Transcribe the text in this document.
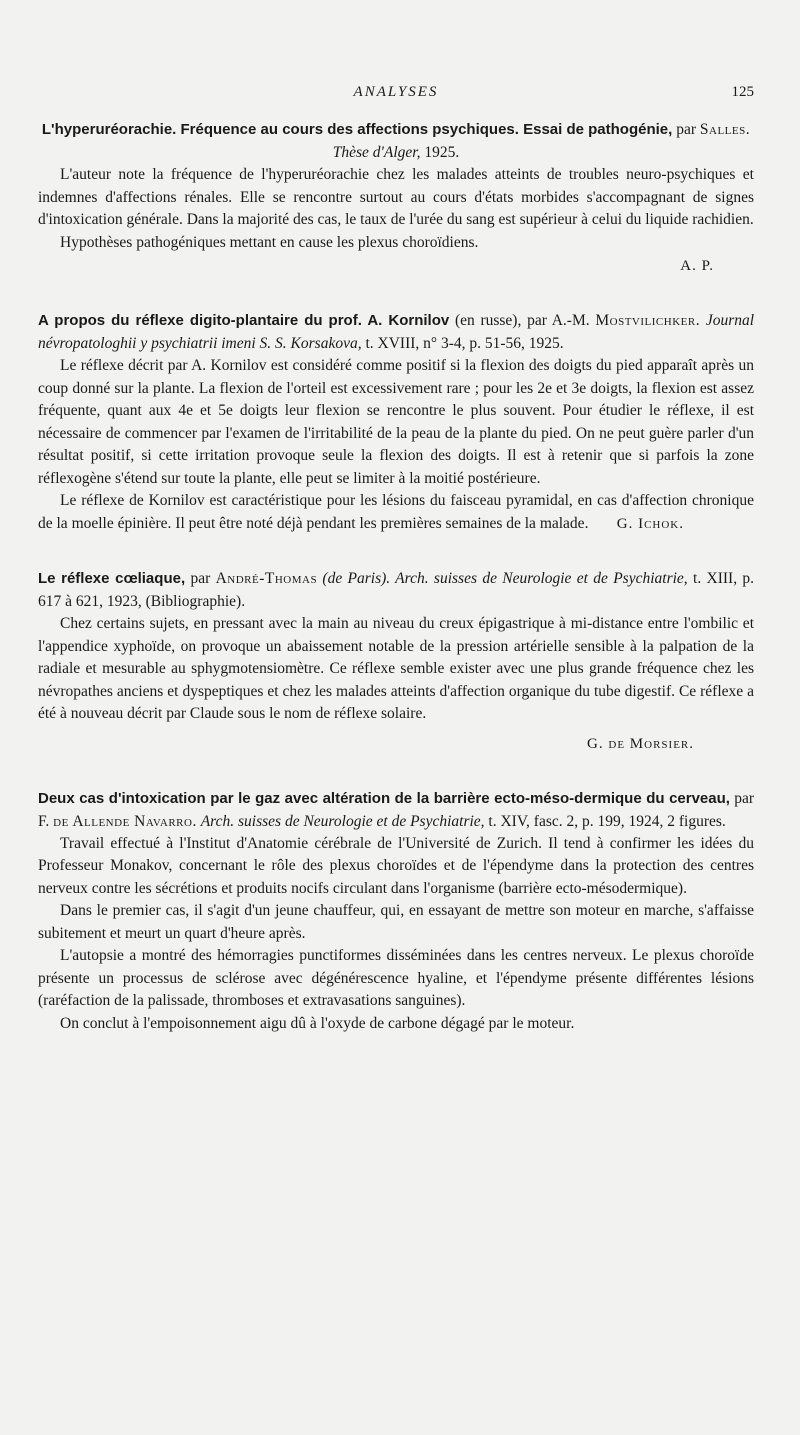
ANALYSES	125
L'hyperuréorachie. Fréquence au cours des affections psychiques. Essai de pathogénie, par Salles. Thèse d'Alger, 1925.

L'auteur note la fréquence de l'hyperuréorachie chez les malades atteints de troubles neuro-psychiques et indemnes d'affections rénales. Elle se rencontre surtout au cours d'états morbides s'accompagnant de signes d'intoxication générale. Dans la majorité des cas, le taux de l'urée du sang est supérieur à celui du liquide rachidien.

Hypothèses pathogéniques mettant en cause les plexus choroïdiens.

A. P.
A propos du réflexe digito-plantaire du prof. A. Kornilov (en russe), par A.-M. Mostvilichker. Journal névropatologhii y psychiatrii imeni S. S. Korsakova, t. XVIII, n° 3-4, p. 51-56, 1925.

Le réflexe décrit par A. Kornilov est considéré comme positif si la flexion des doigts du pied apparaît après un coup donné sur la plante. La flexion de l'orteil est excessivement rare ; pour les 2e et 3e doigts, la flexion est assez fréquente, quant aux 4e et 5e doigts leur flexion se rencontre le plus souvent. Pour étudier le réflexe, il est nécessaire de commencer par l'examen de l'irritabilité de la peau de la plante du pied. On ne peut guère parler d'un résultat positif, si cette irritation provoque seule la flexion des doigts. Il est à retenir que si parfois la zone réflexogène s'étend sur toute la plante, elle peut se limiter à la moitié postérieure.

Le réflexe de Kornilov est caractéristique pour les lésions du faisceau pyramidal, en cas d'affection chronique de la moelle épinière. Il peut être noté déjà pendant les premières semaines de la malade.	G. Ichok.

Le réflexe cœliaque, par André-Thomas (de Paris). Arch. suisses de Neurologie et de Psychiatrie, t. XIII, p. 617 à 621, 1923, (Bibliographie).

Chez certains sujets, en pressant avec la main au niveau du creux épigastrique à mi-distance entre l'ombilic et l'appendice xyphoïde, on provoque un abaissement notable de la pression artérielle sensible à la palpation de la radiale et mesurable au sphygmotensiomètre. Ce réflexe semble exister avec une plus grande fréquence chez les névropathes anciens et dyspeptiques et chez les malades atteints d'affection organique du tube digestif. Ce réflexe a été à nouveau décrit par Claude sous le nom de réflexe solaire.

G. de Morsier.
Deux cas d'intoxication par le gaz avec altération de la barrière ecto-méso-dermique du cerveau, par F. de Allende Navarro. Arch. suisses de Neurologie et de Psychiatrie, t. XIV, fasc. 2, p. 199, 1924, 2 figures.

Travail effectué à l'Institut d'Anatomie cérébrale de l'Université de Zurich. Il tend à confirmer les idées du Professeur Monakov, concernant le rôle des plexus choroïdes et de l'épendyme dans la protection des centres nerveux contre les sécrétions et produits nocifs circulant dans l'organisme (barrière ecto-mésodermique).

Dans le premier cas, il s'agit d'un jeune chauffeur, qui, en essayant de mettre son moteur en marche, s'affaisse subitement et meurt un quart d'heure après.

L'autopsie a montré des hémorragies punctiformes disséminées dans les centres nerveux. Le plexus choroïde présente un processus de sclérose avec dégénérescence hyaline, et l'épendyme présente différentes lésions (raréfaction de la palissade, thromboses et extravasations sanguines).

On conclut à l'empoisonnement aigu dû à l'oxyde de carbone dégagé par le moteur.
